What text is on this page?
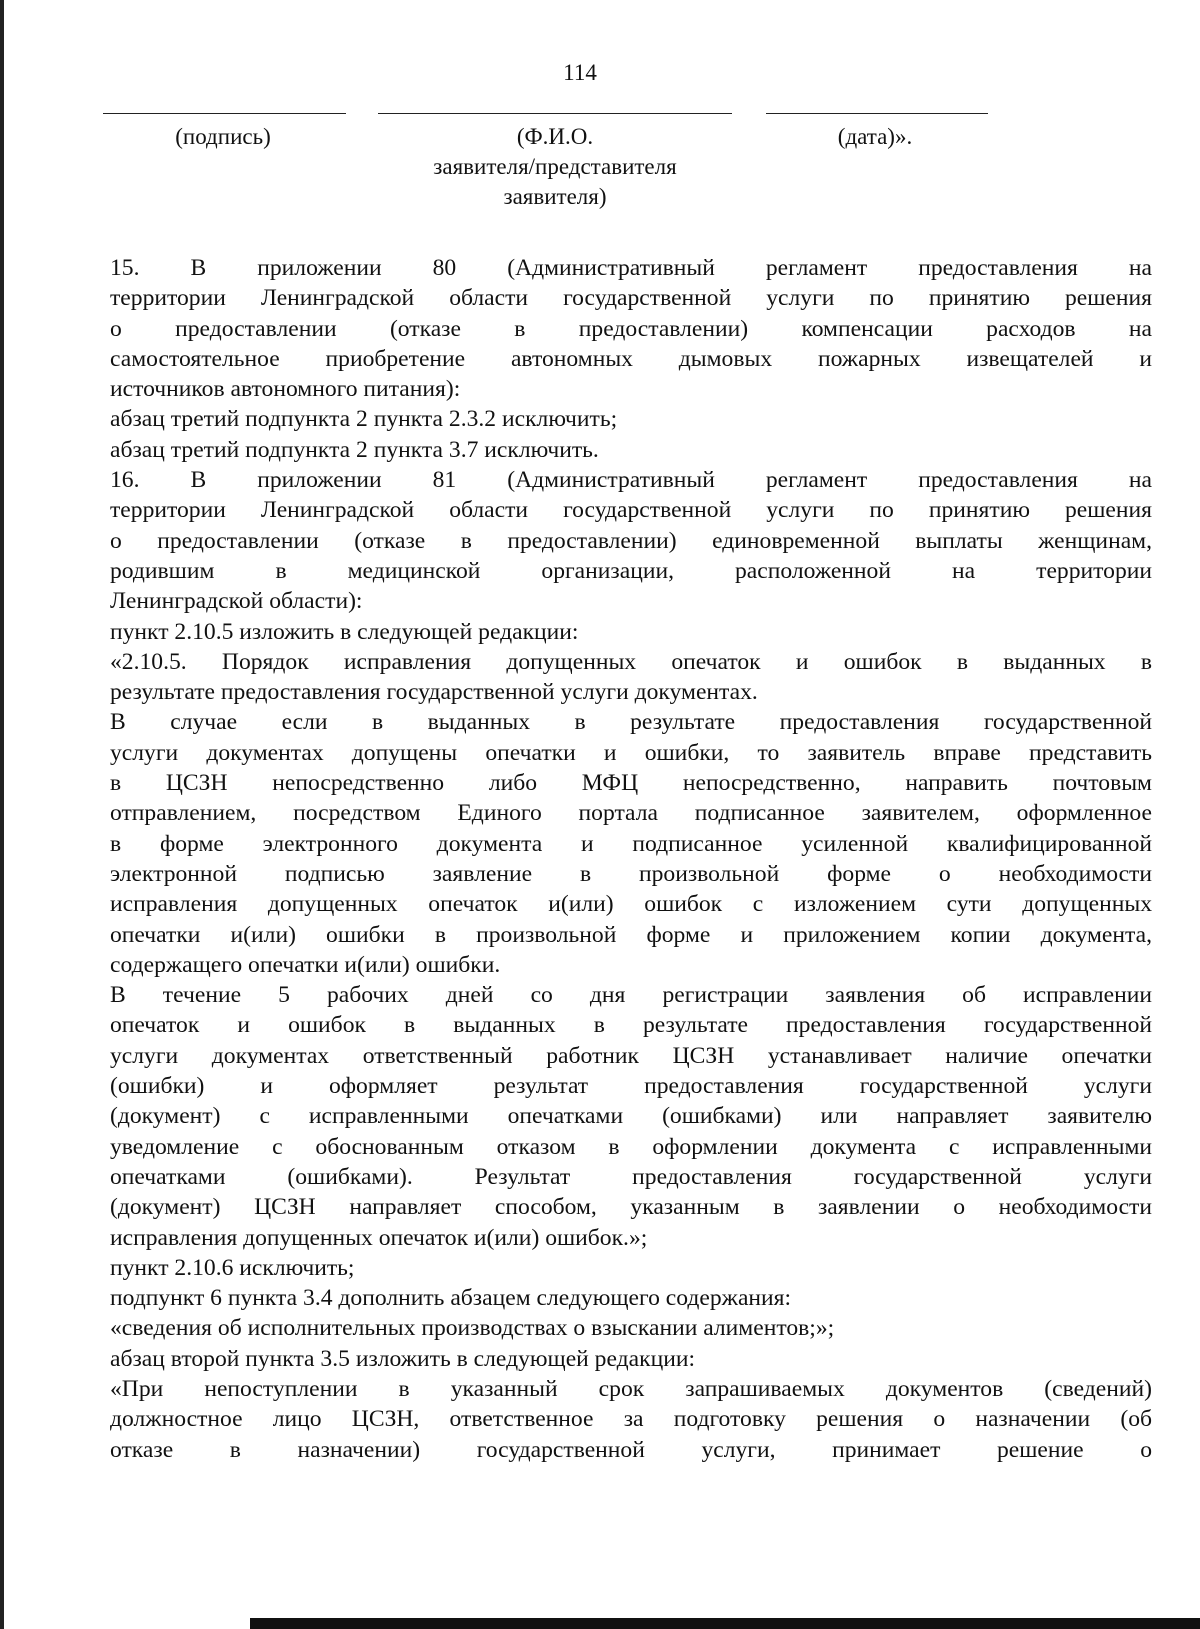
114
(подпись)	(Ф.И.О.
заявителя/представителя
заявителя)
(дата)».

15. В приложении 80 (Административный регламент предоставления на

территории Ленинградской области государственной услуги по принятию решения

о предоставлении (отказе в предоставлении) компенсации расходов на

самостоятельное приобретение автономных дымовых пожарных извещателей и

источников автономного питания):

абзац третий подпункта 2 пункта 2.3.2 исключить;

абзац третий подпункта 2 пункта 3.7 исключить.

16. В приложении 81 (Административный регламент предоставления на

территории Ленинградской области государственной услуги по принятию решения

о предоставлении (отказе в предоставлении) единовременной выплаты женщинам,

родившим в медицинской организации, расположенной на территории

Ленинградской области):

пункт 2.10.5 изложить в следующей редакции:

«2.10.5. Порядок исправления допущенных опечаток и ошибок в выданных в

результате предоставления государственной услуги документах.

В случае если в выданных в результате предоставления государственной

услуги документах допущены опечатки и ошибки, то заявитель вправе представить

в ЦСЗН непосредственно либо МФЦ непосредственно, направить почтовым

отправлением, посредством Единого портала подписанное заявителем, оформленное

в форме электронного документа и подписанное усиленной квалифицированной

электронной подписью заявление в произвольной форме о необходимости

исправления допущенных опечаток и(или) ошибок с изложением сути допущенных

опечатки и(или) ошибки в произвольной форме и приложением копии документа,

содержащего опечатки и(или) ошибки.

В течение 5 рабочих дней со дня регистрации заявления об исправлении

опечаток и ошибок в выданных в результате предоставления государственной

услуги документах ответственный работник ЦСЗН устанавливает наличие опечатки

(ошибки) и оформляет результат предоставления государственной услуги

(документ) с исправленными опечатками (ошибками) или направляет заявителю

уведомление с обоснованным отказом в оформлении документа с исправленными

опечатками (ошибками). Результат предоставления государственной услуги

(документ) ЦСЗН направляет способом, указанным в заявлении о необходимости

исправления допущенных опечаток и(или) ошибок.»;

пункт 2.10.6 исключить;

подпункт 6 пункта 3.4 дополнить абзацем следующего содержания:

«сведения об исполнительных производствах о взыскании алиментов;»;

абзац второй пункта 3.5 изложить в следующей редакции:

«При непоступлении в указанный срок запрашиваемых документов (сведений)

должностное лицо ЦСЗН, ответственное за подготовку решения о назначении (об

отказе в назначении) государственной услуги, принимает решение о
